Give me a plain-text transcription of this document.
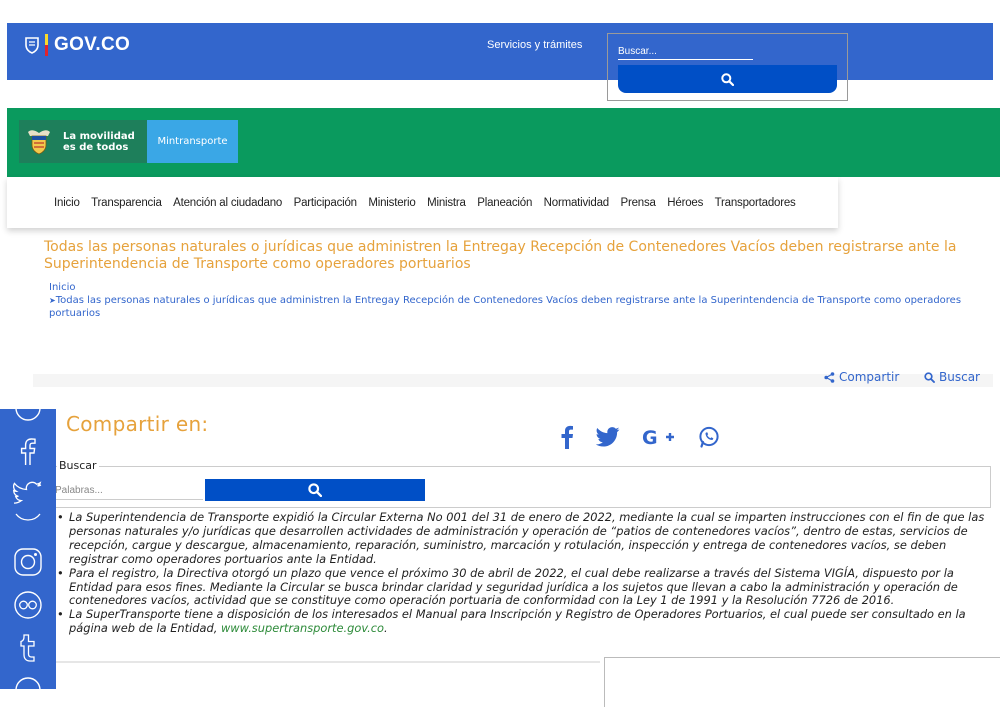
GOV.CO	Servicios y trámites
Buscar...
La movilidad
es de todos	Mintransporte
Inicio Transparencia Atención al ciudadano Participación Ministerio Ministra Planeación Normatividad Prensa Héroes Transportadores
Todas las personas naturales o jurídicas que administren la Entregay Recepción de Contenedores Vacíos deben registrarse ante la Superintendencia de Transporte como operadores portuarios
Inicio
➤Todas las personas naturales o jurídicas que administren la Entregay Recepción de Contenedores Vacíos deben registrarse ante la Superintendencia de Transporte como operadores portuarios
Compartir	Buscar
Compartir en:
G
Buscar
Palabras...
• La Superintendencia de Transporte expidió la Circular Externa No 001 del 31 de enero de 2022, mediante la cual se imparten instrucciones con el fin de que las personas naturales y/o jurídicas que desarrollen actividades de administración y operación de “patios de contenedores vacíos”, dentro de estas, servicios de recepción, cargue y descargue, almacenamiento, reparación, suministro, marcación y rotulación, inspección y entrega de contenedores vacíos, se deben registrar como operadores portuarios ante la Entidad.
• Para el registro, la Directiva otorgó un plazo que vence el próximo 30 de abril de 2022, el cual debe realizarse a través del Sistema VIGÍA, dispuesto por la Entidad para esos fines. Mediante la Circular se busca brindar claridad y seguridad jurídica a los sujetos que llevan a cabo la administración y operación de contenedores vacíos, actividad que se constituye como operación portuaria de conformidad con la Ley 1 de 1991 y la Resolución 7726 de 2016.
• La SuperTransporte tiene a disposición de los interesados el Manual para Inscripción y Registro de Operadores Portuarios, el cual puede ser consultado en la página web de la Entidad, www.supertransporte.gov.co.
